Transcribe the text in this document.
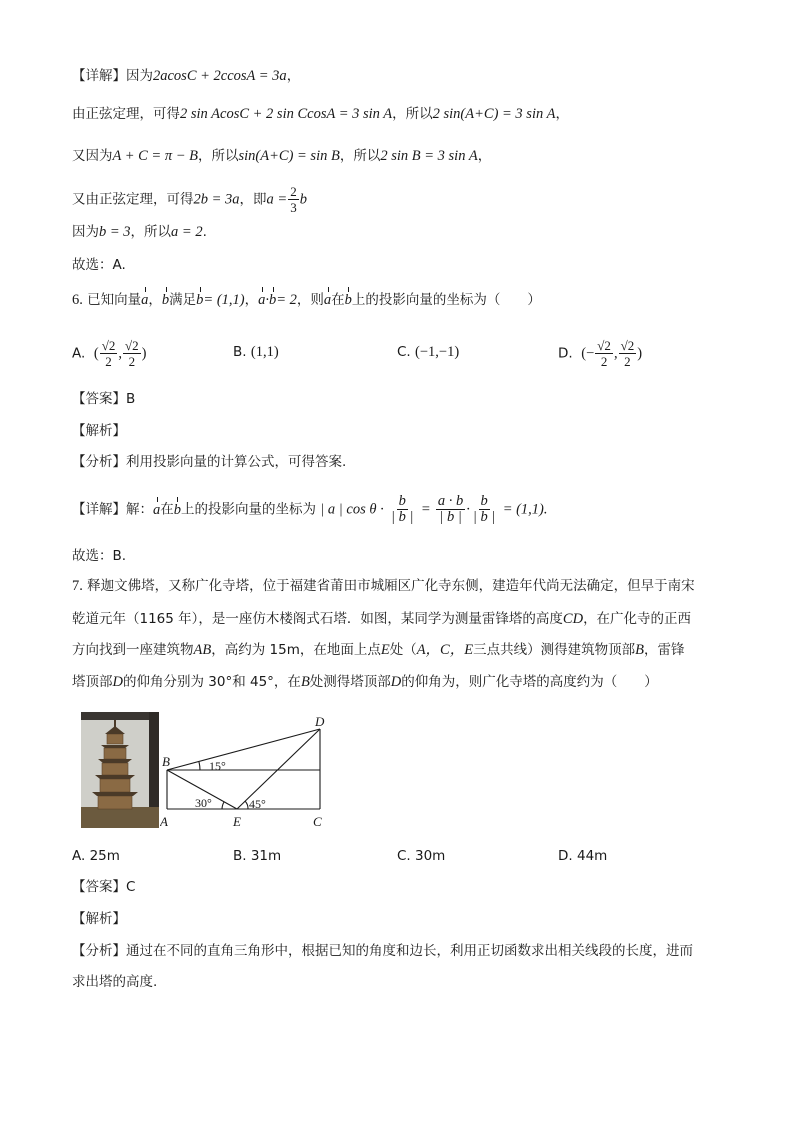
【详解】因为2acosC + 2ccosA = 3a，
由正弦定理，可得2 sin AcosC + 2 sin CcosA = 3 sin A，所以2 sin(A+C) = 3 sin A，
又因为A + C = π − B，所以sin(A+C) = sin B，所以2 sin B = 3 sin A，
又由正弦定理，可得2b = 3a，即$a = \frac{2}{3}$ b
因为b = 3，所以a = 2.
故选：A.
6. 已知向量a，b满足b= (1,1)，a·b= 2，则a在b上的投影向量的坐标为（　　）
A. ( $\frac{√2}{2}$ , $\frac{√2}{2}$ )	B. (1,1)	C. (−1,−1)	D. (− $\frac{√2}{2}$ , $\frac{√2}{2}$ )
【答案】B
【解析】
【分析】利用投影向量的计算公式，可得答案.
【详解】解：a在b上的投影向量的坐标为 | a | $\cos \theta \cdot \frac{b}{| b |} = \frac{a \cdot b}{| b |} \cdot \frac{b}{| b |} = (1,1)$.
故选：B.
7. 释迦文佛塔，又称广化寺塔，位于福建省莆田市城厢区广化寺东侧，建造年代尚无法确定，但早于南宋
乾道元年（1165 年），是一座仿木楼阁式石塔．如图，某同学为测量雷锋塔的高度CD，在广化寺的正西
方向找到一座建筑物AB，高约为 15m，在地面上点E处（A，C，E三点共线）测得建筑物顶部B，雷锋
塔顶部D的仰角分别为 30°和 45°，在B处测得塔顶部D的仰角为，则广化寺塔的高度约为（　　）
B
A	E	C
D
15°
30°	45°
A. 25m	B. 31m	C. 30m	D. 44m
【答案】C
【解析】
【分析】通过在不同的直角三角形中，根据已知的角度和边长，利用正切函数求出相关线段的长度，进而
求出塔的高度.
